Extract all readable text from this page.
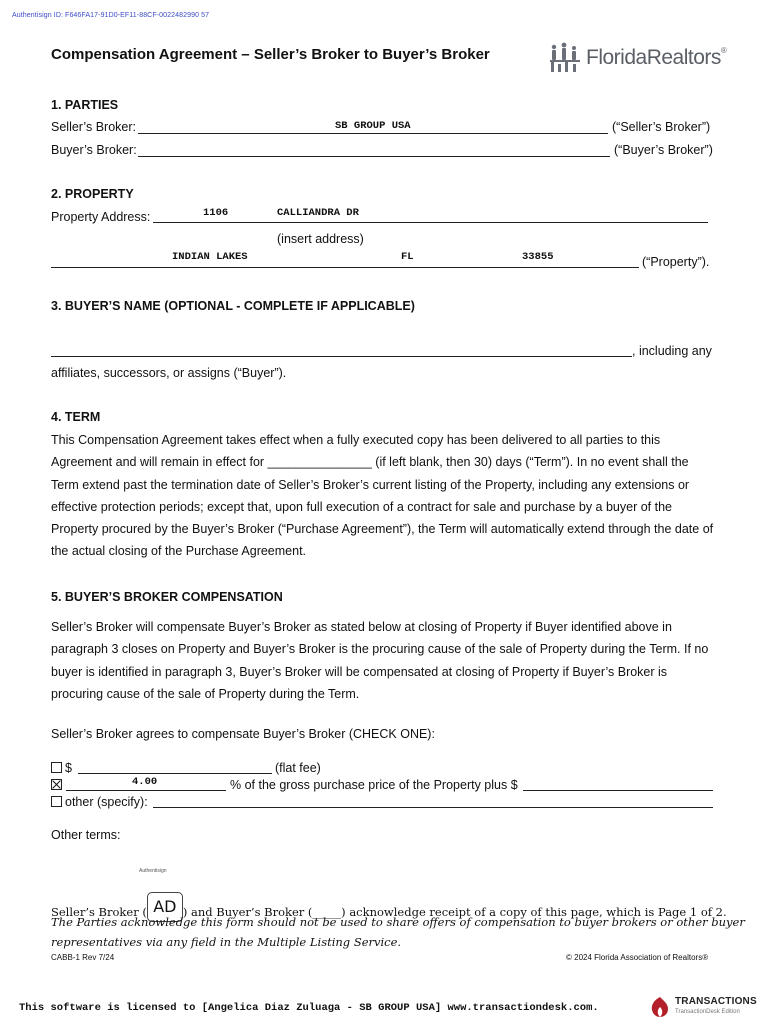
Authentisign ID: F646FA17-91D0-EF11-88CF-0022482990 57
Compensation Agreement – Seller’s Broker to Buyer’s Broker	FloridaRealtors®
1. PARTIES
Seller’s Broker:	SB GROUP USA	(“Seller’s Broker”)
Buyer’s Broker:	(“Buyer’s Broker”)
2. PROPERTY
Property Address:	1106	CALLIANDRA DR
(insert address)
INDIAN LAKES	FL	33855	(“Property”).
3. BUYER’S NAME (OPTIONAL - COMPLETE IF APPLICABLE)
, including any
affiliates, successors, or assigns (“Buyer”).
4. TERM
This Compensation Agreement takes effect when a fully executed copy has been delivered to all parties to this
Agreement and will remain in effect for _______________ (if left blank, then 30) days (“Term”). In no event shall the
Term extend past the termination date of Seller’s Broker’s current listing of the Property, including any extensions or
effective protection periods; except that, upon full execution of a contract for sale and purchase by a buyer of the
Property procured by the Buyer’s Broker (“Purchase Agreement”), the Term will automatically extend through the date of
the actual closing of the Purchase Agreement.
5. BUYER’S BROKER COMPENSATION
Seller’s Broker will compensate Buyer’s Broker as stated below at closing of Property if Buyer identified above in
paragraph 3 closes on Property and Buyer’s Broker is the procuring cause of the sale of Property during the Term. If no
buyer is identified in paragraph 3, Buyer’s Broker will be compensated at closing of Property if Buyer’s Broker is
procuring cause of the sale of Property during the Term.
Seller’s Broker agrees to compensate Buyer’s Broker (CHECK ONE):
$	(flat fee)
4.00	% of the gross purchase price of the Property plus $
other (specify):
Other terms:
Seller’s Broker ( AD ) and Buyer’s Broker (_____) acknowledge receipt of a copy of this page, which is Page 1 of 2.
Authentisign
The Parties acknowledge this form should not be used to share offers of compensation to buyer brokers or other buyer
representatives via any field in the Multiple Listing Service.
CABB-1 Rev 7/24	© 2024 Florida Association of Realtors®
This software is licensed to [Angelica Diaz Zuluaga - SB GROUP USA] www.transactiondesk.com.
TRANSACTIONS
TransactionDesk Edition
